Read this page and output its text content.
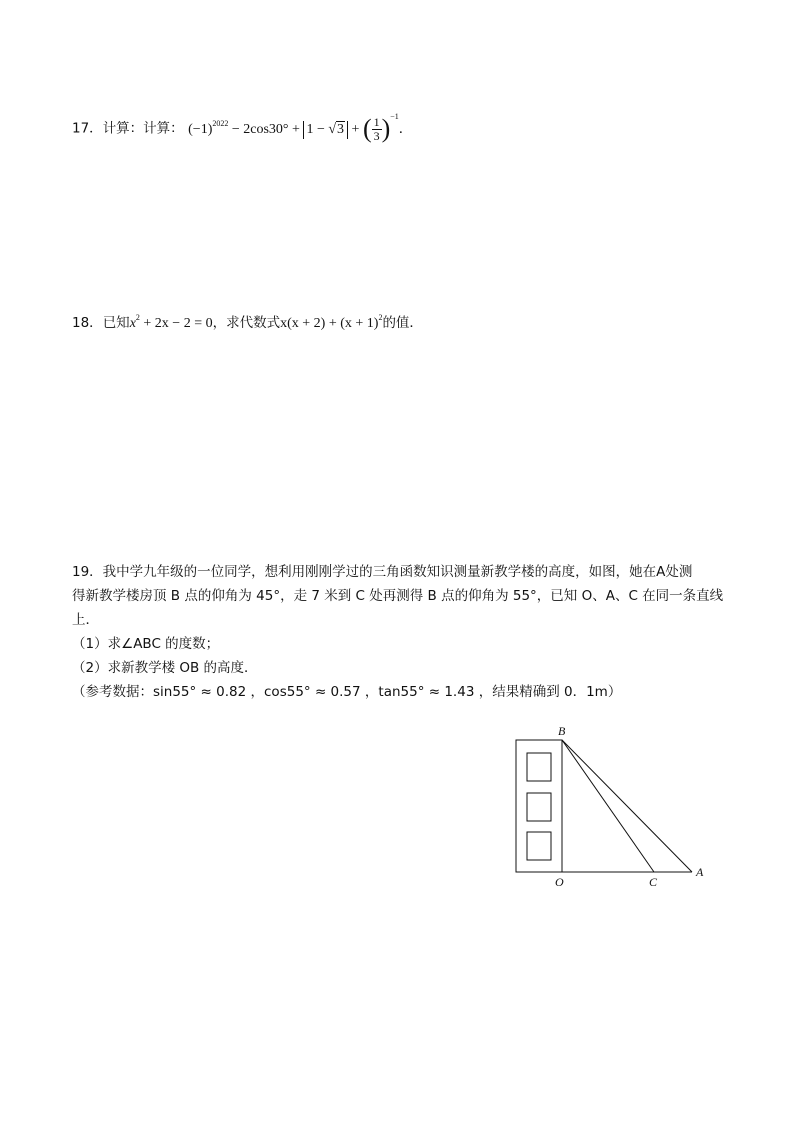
17．计算：计算： $(-1)^{2022} - 2\cos 30^\circ + 1 - √3$ + ( $\frac{1}{3} )^{-1}$．
18．已知$x^2 + 2x - 2 = 0$，求代数式$x(x + 2) + (x + 1)^2$的值．
19．我中学九年级的一位同学，想利用刚刚学过的三角函数知识测量新教学楼的高度，如图，她在A处测
得新教学楼房顶 B 点的仰角为 45°，走 7 米到 C 处再测得 B 点的仰角为 55°，已知 O、A、C 在同一条直线
上．
（1）求∠ABC 的度数；
（2）求新教学楼 OB 的高度．
（参考数据：sin55° ≈ 0.82 ，cos55° ≈ 0.57 ，tan55° ≈ 1.43 ，结果精确到 0．1m）
B
O	C
A
